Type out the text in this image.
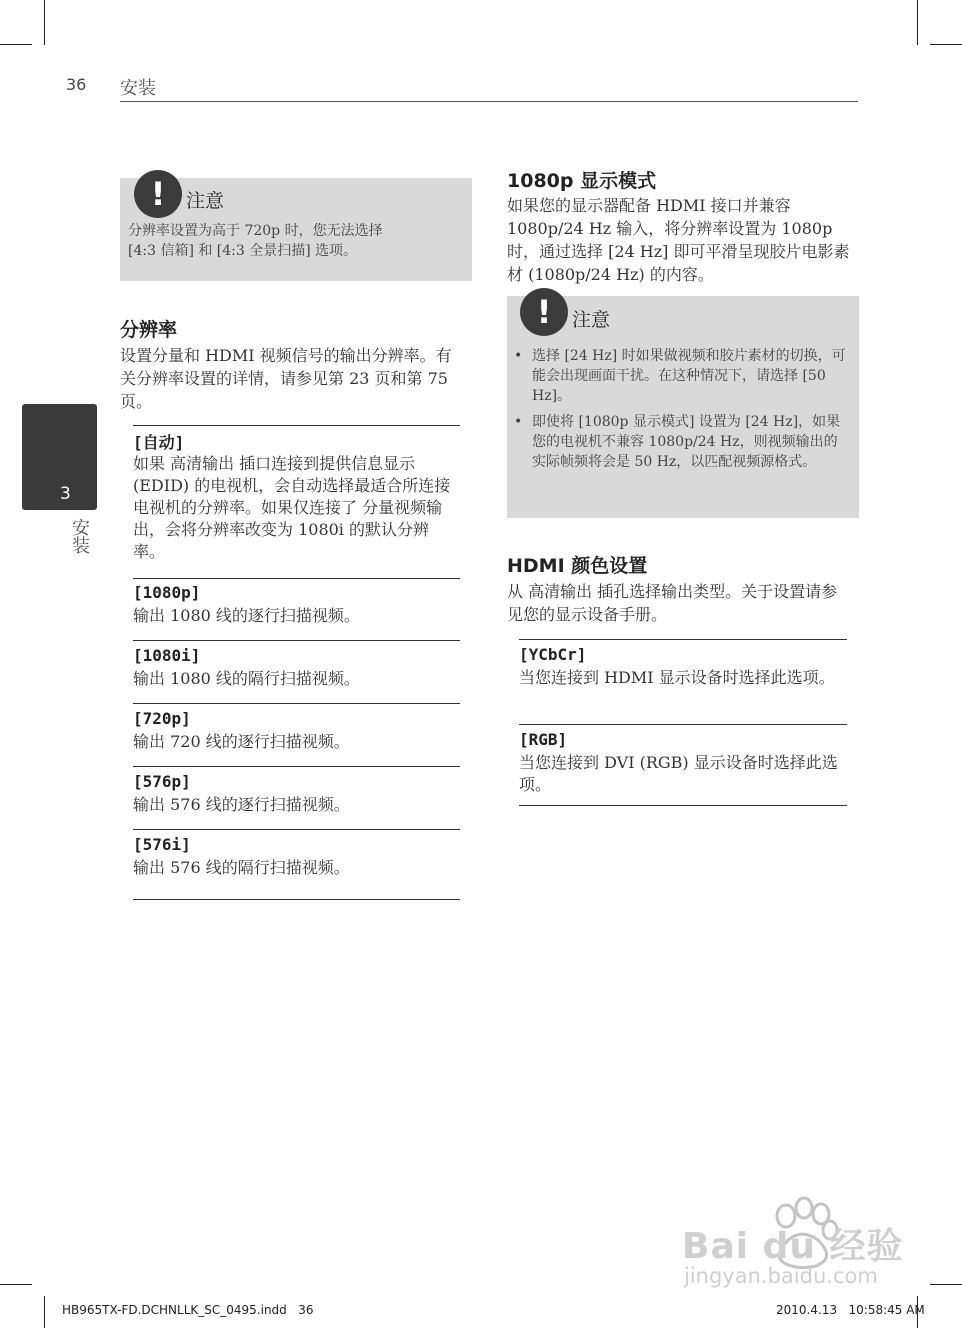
36 安装
3
安装
!	注意
分辨率设置为高于 720p 时，您无法选择
[4:3 信箱] 和 [4:3 全景扫描] 选项。
分辨率
设置分量和 HDMI 视频信号的输出分辨率。有关分辨率设置的详情，请参见第 23 页和第 75 页。
[自动]
如果 高清输出 插口连接到提供信息显示 (EDID) 的电视机，会自动选择最适合所连接电视机的分辨率。如果仅连接了 分量视频输出，会将分辨率改变为 1080i 的默认分辨率。
[1080p]
输出 1080 线的逐行扫描视频。
[1080i]
输出 1080 线的隔行扫描视频。
[720p]
输出 720 线的逐行扫描视频。
[576p]
输出 576 线的逐行扫描视频。
[576i]
输出 576 线的隔行扫描视频。
1080p 显示模式
如果您的显示器配备 HDMI 接口并兼容 1080p/24 Hz 输入，将分辨率设置为 1080p 时，通过选择 [24 Hz] 即可平滑呈现胶片电影素材 (1080p/24 Hz) 的内容。
!	注意
• 选择 [24 Hz] 时如果做视频和胶片素材的切换，可能会出现画面干扰。在这种情况下，请选择 [50 Hz]。
• 即使将 [1080p 显示模式] 设置为 [24 Hz]，如果您的电视机不兼容 1080p/24 Hz，则视频输出的实际帧频将会是 50 Hz，以匹配视频源格式。
HDMI 颜色设置
从 高清输出 插孔选择输出类型。关于设置请参见您的显示设备手册。
[YCbCr]
当您连接到 HDMI 显示设备时选择此选项。
[RGB]
当您连接到 DVI (RGB) 显示设备时选择此选项。
Bai du 经验
jingyan.baidu.com
HB965TX-FD.DCHNLLK_SC_0495.indd   36	2010.4.13   10:58:45 AM
